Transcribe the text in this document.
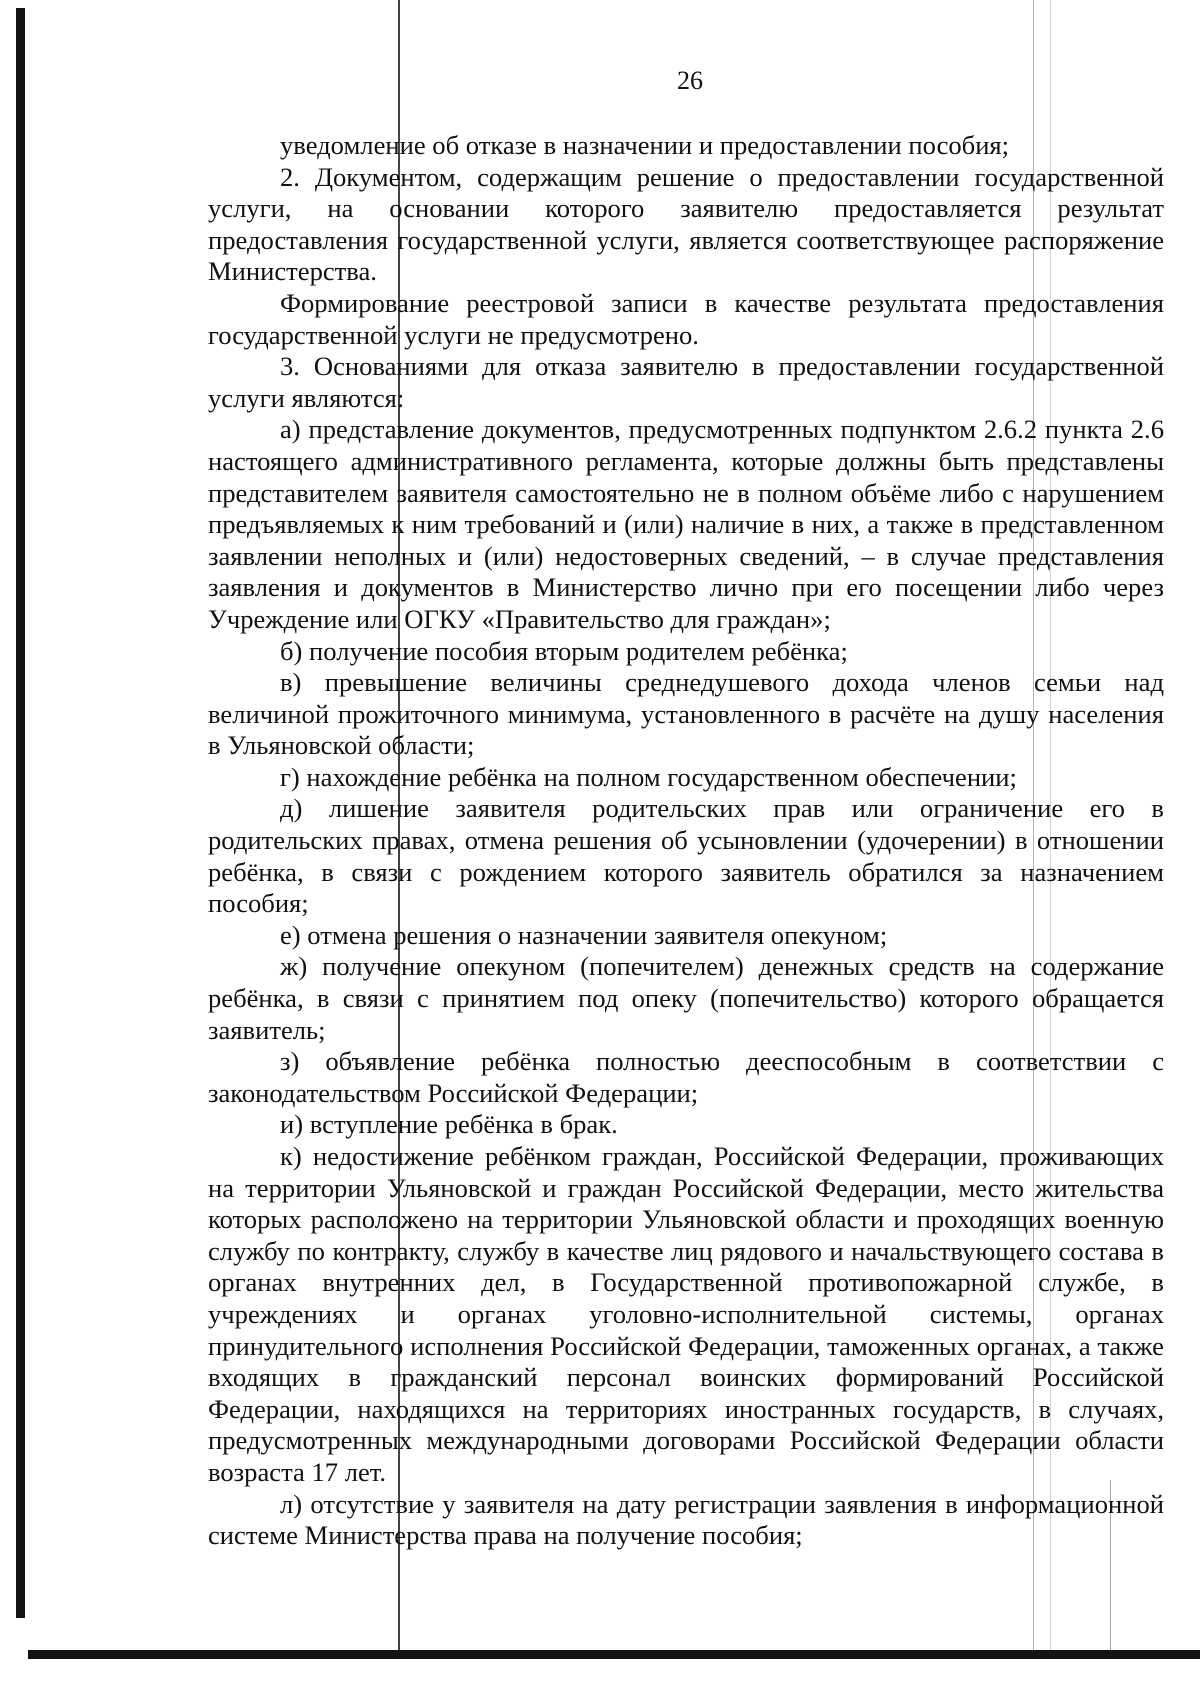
26

уведомление об отказе в назначении и предоставлении пособия;

2. Документом, содержащим решение о предоставлении государственной услуги, на основании которого заявителю предоставляется результат предоставления государственной услуги, является соответствующее распоряжение Министерства.

Формирование реестровой записи в качестве результата предоставления государственной услуги не предусмотрено.

3. Основаниями для отказа заявителю в предоставлении государственной услуги являются:

а) представление документов, предусмотренных подпунктом 2.6.2 пункта 2.6 настоящего административного регламента, которые должны быть представлены представителем заявителя самостоятельно не в полном объёме либо с нарушением предъявляемых к ним требований и (или) наличие в них, а также в представленном заявлении неполных и (или) недостоверных сведений, – в случае представления заявления и документов в Министерство лично при его посещении либо через Учреждение или ОГКУ «Правительство для граждан»;

б) получение пособия вторым родителем ребёнка;

в) превышение величины среднедушевого дохода членов семьи над величиной прожиточного минимума, установленного в расчёте на душу населения в Ульяновской области;

г) нахождение ребёнка на полном государственном обеспечении;

д) лишение заявителя родительских прав или ограничение его в родительских правах, отмена решения об усыновлении (удочерении) в отношении ребёнка, в связи с рождением которого заявитель обратился за назначением пособия;

е) отмена решения о назначении заявителя опекуном;

ж) получение опекуном (попечителем) денежных средств на содержание ребёнка, в связи с принятием под опеку (попечительство) которого обращается заявитель;

з) объявление ребёнка полностью дееспособным в соответствии с законодательством Российской Федерации;

и) вступление ребёнка в брак.

к) недостижение ребёнком граждан, Российской Федерации, проживающих на территории Ульяновской и граждан Российской Федерации, место жительства которых расположено на территории Ульяновской области и проходящих военную службу по контракту, службу в качестве лиц рядового и начальствующего состава в органах внутренних дел, в Государственной противопожарной службе, в учреждениях и органах уголовно-исполнительной системы, органах принудительного исполнения Российской Федерации, таможенных органах, а также входящих в гражданский персонал воинских формирований Российской Федерации, находящихся на территориях иностранных государств, в случаях, предусмотренных международными договорами Российской Федерации области возраста 17 лет.

л) отсутствие у заявителя на дату регистрации заявления в информационной системе Министерства права на получение пособия;
